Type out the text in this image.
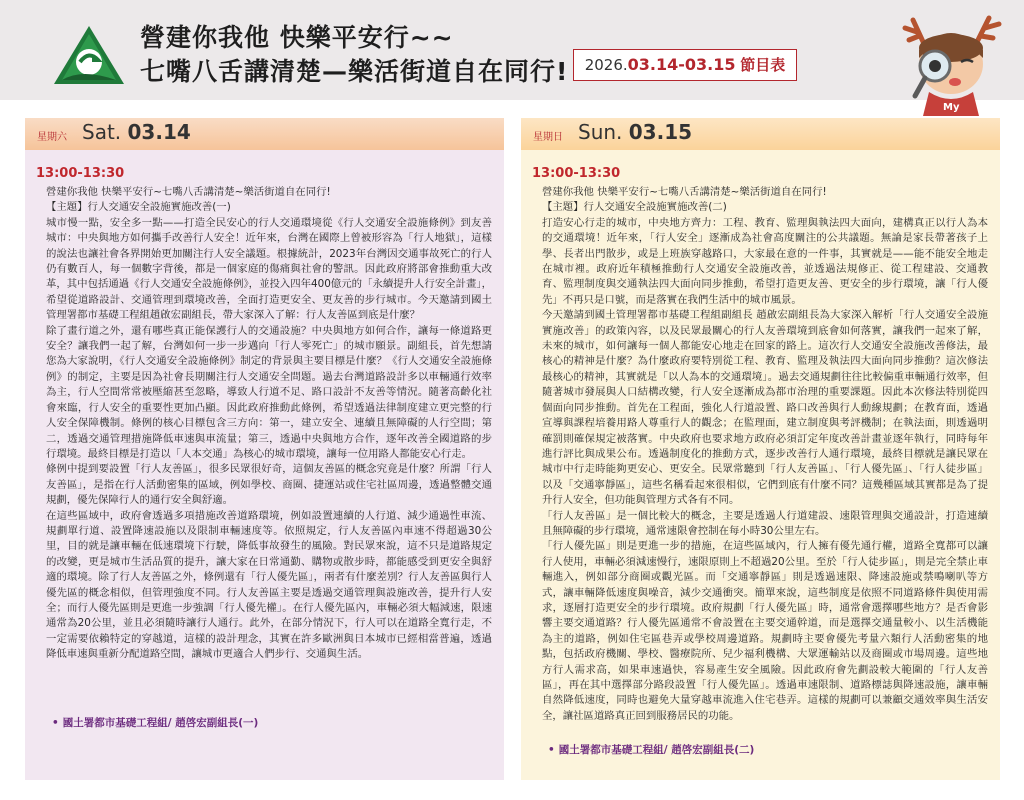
營建你我他 快樂平安行~~
七嘴八舌講清楚—樂活街道自在同行!	2026.03.14-03.15 節目表
My
星期六 Sat. 03.14
13:00-13:30

營建你我他 快樂平安行~七嘴八舌講清楚~樂活街道自在同行!

【主題】行人交通安全設施實施改善(一)

城市慢一點，安全多一點——打造全民安心的行人交通環境從《行人交通安全設施條例》到友善城市：中央與地方如何攜手改善行人安全！近年來，台灣在國際上曾被形容為「行人地獄」，這樣的說法也讓社會各界開始更加關注行人安全議題。根據統計，2023年台灣因交通事故死亡的行人仍有數百人，每一個數字背後，都是一個家庭的傷痛與社會的警訊。因此政府將部會推動重大改革，其中包括通過《行人交通安全設施條例》，並投入四年400億元的「永續提升人行安全計畫」，希望從道路設計、交通管理到環境改善，全面打造更安全、更友善的步行城市。今天邀請到國土管理署都市基礎工程組趙啟宏副組長，帶大家深入了解：行人友善區到底是什麼？

除了畫行道之外，還有哪些真正能保護行人的交通設施？中央與地方如何合作，讓每一條道路更安全？讓我們一起了解，台灣如何一步一步邁向「行人零死亡」的城市願景。副組長，首先想請您為大家說明，《行人交通安全設施條例》制定的背景與主要目標是什麼？《行人交通安全設施條例》的制定，主要是因為社會長期關注行人交通安全問題。過去台灣道路設計多以車輛通行效率為主，行人空間常常被壓縮甚至忽略，導致人行道不足、路口設計不友善等情況。隨著高齡化社會來臨，行人安全的重要性更加凸顯。因此政府推動此條例，希望透過法律制度建立更完整的行人安全保障機制。條例的核心目標包含三方向：第一，建立安全、連續且無障礙的人行空間；第二，透過交通管理措施降低車速與車流量；第三，透過中央與地方合作，逐年改善全國道路的步行環境。最終目標是打造以「人本交通」為核心的城市環境，讓每一位用路人都能安心行走。

條例中提到要設置「行人友善區」，很多民眾很好奇，這個友善區的概念究竟是什麼？所謂「行人友善區」，是指在行人活動密集的區域，例如學校、商圈、捷運站或住宅社區周邊，透過整體交通規劃，優先保障行人的通行安全與舒適。

在這些區域中，政府會透過多項措施改善道路環境，例如設置連續的人行道、減少通過性車流、規劃單行道、設置降速設施以及限制車輛速度等。依照規定，行人友善區內車速不得超過30公里，目的就是讓車輛在低速環境下行駛，降低事故發生的風險。對民眾來說，這不只是道路規定的改變，更是城市生活品質的提升，讓大家在日常通勤、購物或散步時，都能感受到更安全與舒適的環境。除了行人友善區之外，條例還有「行人優先區」，兩者有什麼差別？行人友善區與行人優先區的概念相似，但管理強度不同。行人友善區主要是透過交通管理與設施改善，提升行人安全；而行人優先區則是更進一步強調「行人優先權」。在行人優先區內，車輛必須大幅減速，限速通常為20公里，並且必須隨時讓行人通行。此外，在部分情況下，行人可以在道路全寬行走，不一定需要依賴特定的穿越道，這樣的設計理念，其實在許多歐洲與日本城市已經相當普遍，透過降低車速與重新分配道路空間，讓城市更適合人們步行、交通與生活。

• 國土署都市基礎工程組/ 趙啓宏副組長(一)
星期日 Sun. 03.15
13:00-13:30

營建你我他 快樂平安行~七嘴八舌講清楚~樂活街道自在同行!

【主題】行人交通安全設施實施改善(二)

打造安心行走的城市，中央地方齊力：工程、教育、監理與執法四大面向，建構真正以行人為本的交通環境！近年來，「行人安全」逐漸成為社會高度關注的公共議題。無論是家長帶著孩子上學、長者出門散步，或是上班族穿越路口，大家最在意的一件事，其實就是——能不能安全地走在城市裡。政府近年積極推動行人交通安全設施改善，並透過法規修正、從工程建設、交通教育、監理制度與交通執法四大面向同步推動，希望打造更友善、更安全的步行環境，讓「行人優先」不再只是口號，而是落實在我們生活中的城市風景。

今天邀請到國土管理署都市基礎工程組副組長 趙啟宏副組長為大家深入解析「行人交通安全設施實施改善」的政策內容，以及民眾最關心的行人友善環境到底會如何落實，讓我們一起來了解，未來的城市，如何讓每一個人都能安心地走在回家的路上。這次行人交通安全設施改善修法，最核心的精神是什麼？為什麼政府要特別從工程、教育、監理及執法四大面向同步推動？這次修法最核心的精神，其實就是「以人為本的交通環境」。過去交通規劃往往比較偏重車輛通行效率，但隨著城市發展與人口結構改變，行人安全逐漸成為都市治理的重要課題。因此本次修法特別從四個面向同步推動。首先在工程面，強化人行道設置、路口改善與行人動線規劃；在教育面，透過宣導與課程培養用路人尊重行人的觀念；在監理面，建立制度與考評機制；在執法面，則透過明確罰則確保規定被落實。中央政府也要求地方政府必須訂定年度改善計畫並逐年執行，同時每年進行評比與成果公布。透過制度化的推動方式，逐步改善行人通行環境，最終目標就是讓民眾在城市中行走時能夠更安心、更安全。民眾常聽到「行人友善區」、「行人優先區」、「行人徒步區」以及「交通寧靜區」，這些名稱看起來很相似，它們到底有什麼不同？這幾種區域其實都是為了提升行人安全，但功能與管理方式各有不同。

「行人友善區」是一個比較大的概念，主要是透過人行道建設、速限管理與交通設計，打造連續且無障礙的步行環境，通常速限會控制在每小時30公里左右。

「行人優先區」則是更進一步的措施，在這些區域內，行人擁有優先通行權，道路全寬都可以讓行人使用，車輛必須減速慢行，速限原則上不超過20公里。至於「行人徒步區」，則是完全禁止車輛進入，例如部分商圈或觀光區。而「交通寧靜區」則是透過速限、降速設施或禁鳴喇叭等方式，讓車輛降低速度與噪音，減少交通衝突。簡單來說，這些制度是依照不同道路條件與使用需求，逐層打造更安全的步行環境。政府規劃「行人優先區」時，通常會選擇哪些地方？是否會影響主要交通道路？行人優先區通常不會設置在主要交通幹道，而是選擇交通量較小、以生活機能為主的道路，例如住宅區巷弄或學校周邊道路。規劃時主要會優先考量六類行人活動密集的地點，包括政府機關、學校、醫療院所、兒少福利機構、大眾運輸站以及商圈或市場周邊。這些地方行人需求高，如果車速過快，容易產生安全風險。因此政府會先劃設較大範圍的「行人友善區」，再在其中選擇部分路段設置「行人優先區」。透過車速限制、道路標誌與降速設施，讓車輛自然降低速度，同時也避免大量穿越車流進入住宅巷弄。這樣的規劃可以兼顧交通效率與生活安全，讓社區道路真正回到服務居民的功能。

• 國土署都市基礎工程組/ 趙啓宏副組長(二)
